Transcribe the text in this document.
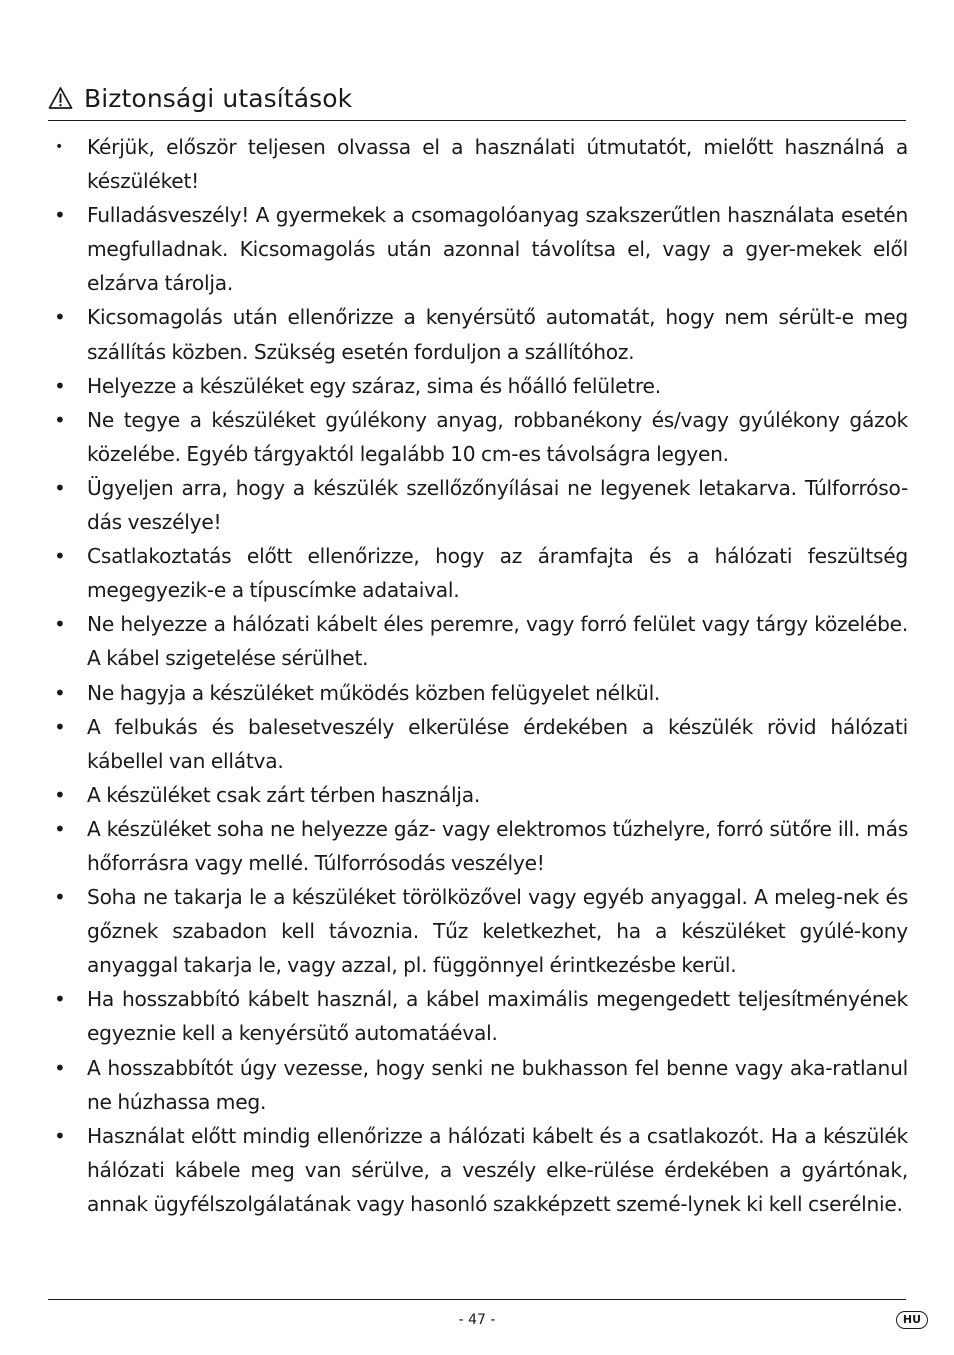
Biztonsági utasítások
• Kérjük, először teljesen olvassa el a használati útmutatót, mielőtt használná a készüléket!
• Fulladásveszély! A gyermekek a csomagolóanyag szakszerűtlen használata esetén megfulladnak. Kicsomagolás után azonnal távolítsa el, vagy a gyer-mekek elől elzárva tárolja.
• Kicsomagolás után ellenőrizze a kenyérsütő automatát, hogy nem sérült-e meg szállítás közben. Szükség esetén forduljon a szállítóhoz.
• Helyezze a készüléket egy száraz, sima és hőálló felületre.
• Ne tegye a készüléket gyúlékony anyag, robbanékony és/vagy gyúlékony gázok közelébe. Egyéb tárgyaktól legalább 10 cm-es távolságra legyen.
• Ügyeljen arra, hogy a készülék szellőzőnyílásai ne legyenek letakarva. Túlforróso-dás veszélye!
• Csatlakoztatás előtt ellenőrizze, hogy az áramfajta és a hálózati feszültség megegyezik-e a típuscímke adataival.
• Ne helyezze a hálózati kábelt éles peremre, vagy forró felület vagy tárgy közelébe. A kábel szigetelése sérülhet.
• Ne hagyja a készüléket működés közben felügyelet nélkül.
• A felbukás és balesetveszély elkerülése érdekében a készülék rövid hálózati kábellel van ellátva.
• A készüléket csak zárt térben használja.
• A készüléket soha ne helyezze gáz- vagy elektromos tűzhelyre, forró sütőre ill. más hőforrásra vagy mellé. Túlforrósodás veszélye!
• Soha ne takarja le a készüléket törölközővel vagy egyéb anyaggal. A meleg-nek és gőznek szabadon kell távoznia. Tűz keletkezhet, ha a készüléket gyúlé-kony anyaggal takarja le, vagy azzal, pl. függönnyel érintkezésbe kerül.
• Ha hosszabbító kábelt használ, a kábel maximális megengedett teljesítményének egyeznie kell a kenyérsütő automatáéval.
• A hosszabbítót úgy vezesse, hogy senki ne bukhasson fel benne vagy aka-ratlanul ne húzhassa meg.
• Használat előtt mindig ellenőrizze a hálózati kábelt és a csatlakozót. Ha a készülék hálózati kábele meg van sérülve, a veszély elke-rülése érdekében a gyártónak, annak ügyfélszolgálatának vagy hasonló szakképzett szemé-lynek ki kell cserélnie.
- 47 -	HU
